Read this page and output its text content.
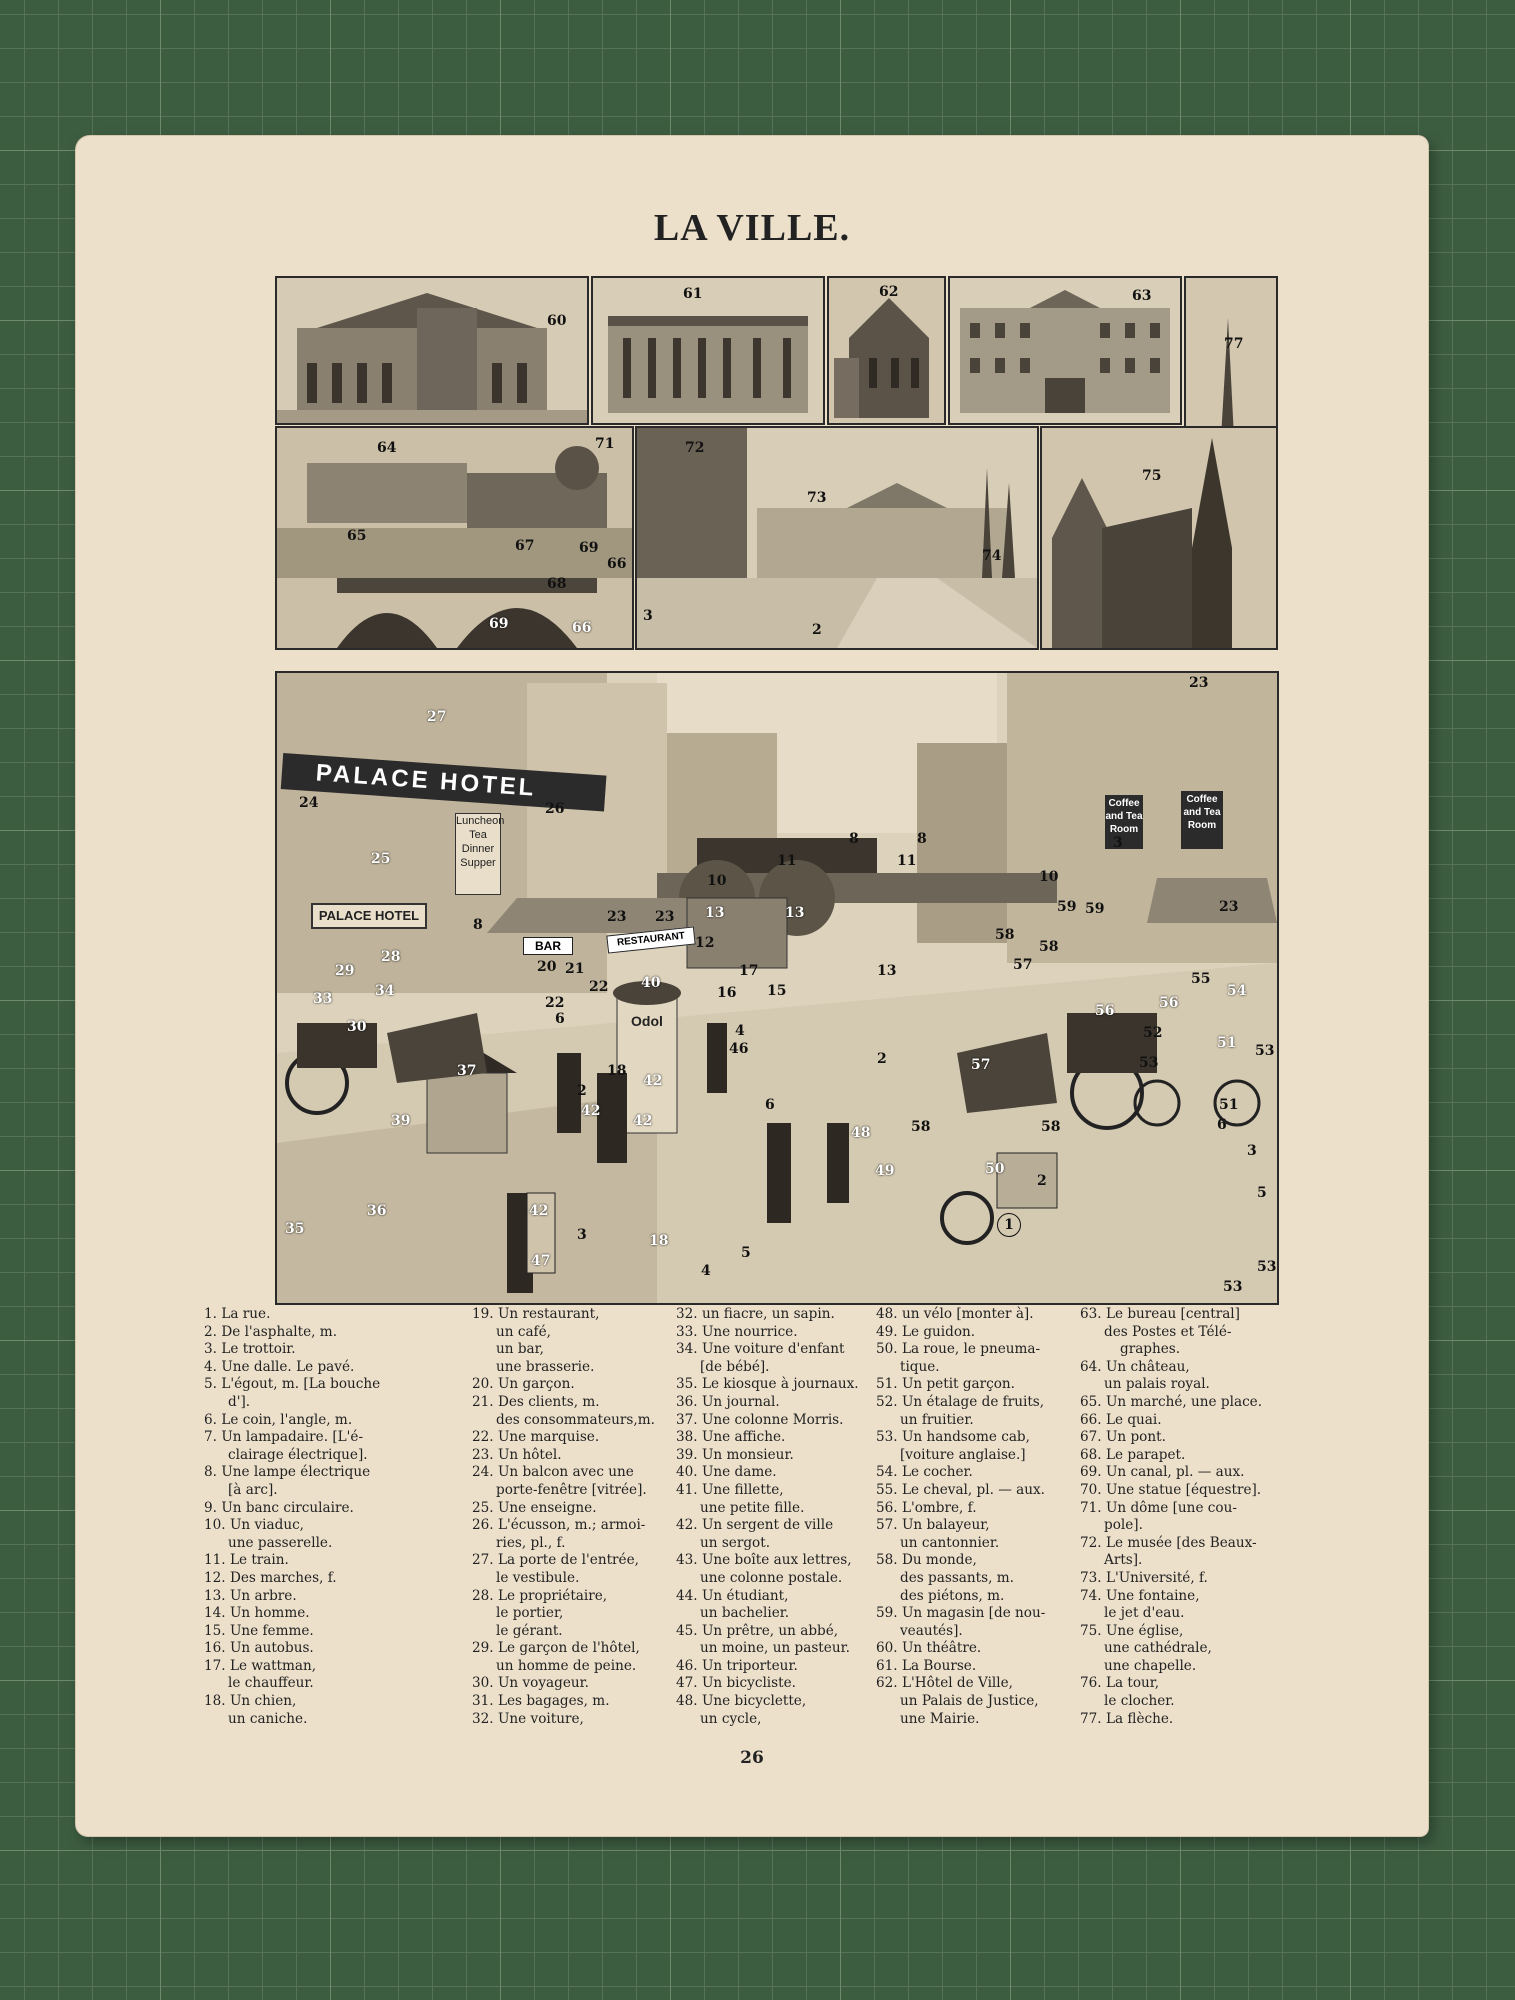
LA VILLE.
60
61	62	63
77
64	71
65
67	69
66
68
69	66
72
73
74
2
3
75
PALACE HOTEL
PALACE HOTEL
Luncheon Tea Dinner Supper
BAR	RESTAURANT
Coffee and Tea Room
Coffee and Tea Room
Odol
27
24
25
26
8
28
23 23
20 21
22
22
12
10
11	11
8	8
10
13	13
17
16 15
40
46
18
33
29
34
30
37
39
42
42
42
42
47
35
36
18
48
49	50
57
56	56
58	58
52
53
53
51
51
55
54
23
23
59 59
3
58
57
58
13
4
2
2
2
3
3
6
6
6
5
5
4
53
53
1
1. La rue.
2. De l'asphalte, m.
3. Le trottoir.
4. Une dalle. Le pavé.
5. L'égout, m. [La bouche
d'].
6. Le coin, l'angle, m.
7. Un lampadaire. [L'é-
clairage électrique].
8. Une lampe électrique
[à arc].
9. Un banc circulaire.
10. Un viaduc,
une passerelle.
11. Le train.
12. Des marches, f.
13. Un arbre.
14. Un homme.
15. Une femme.
16. Un autobus.
17. Le wattman,
le chauffeur.
18. Un chien,
un caniche.
19. Un restaurant,
un café,
un bar,
une brasserie.
20. Un garçon.
21. Des clients, m.
des consommateurs,m.
22. Une marquise.
23. Un hôtel.
24. Un balcon avec une
porte-fenêtre [vitrée].
25. Une enseigne.
26. L'écusson, m.; armoi-
ries, pl., f.
27. La porte de l'entrée,
le vestibule.
28. Le propriétaire,
le portier,
le gérant.
29. Le garçon de l'hôtel,
un homme de peine.
30. Un voyageur.
31. Les bagages, m.
32. Une voiture,
32. un fiacre, un sapin.
33. Une nourrice.
34. Une voiture d'enfant
[de bébé].
35. Le kiosque à journaux.
36. Un journal.
37. Une colonne Morris.
38. Une affiche.
39. Un monsieur.
40. Une dame.
41. Une fillette,
une petite fille.
42. Un sergent de ville
un sergot.
43. Une boîte aux lettres,
une colonne postale.
44. Un étudiant,
un bachelier.
45. Un prêtre, un abbé,
un moine, un pasteur.
46. Un triporteur.
47. Un bicycliste.
48. Une bicyclette,
un cycle,
48. un vélo [monter à].
49. Le guidon.
50. La roue, le pneuma-
tique.
51. Un petit garçon.
52. Un étalage de fruits,
un fruitier.
53. Un handsome cab,
[voiture anglaise.]
54. Le cocher.
55. Le cheval, pl. — aux.
56. L'ombre, f.
57. Un balayeur,
un cantonnier.
58. Du monde,
des passants, m.
des piétons, m.
59. Un magasin [de nou-
veautés].
60. Un théâtre.
61. La Bourse.
62. L'Hôtel de Ville,
un Palais de Justice,
une Mairie.
63. Le bureau [central]
des Postes et Télé-
graphes.
64. Un château,
un palais royal.
65. Un marché, une place.
66. Le quai.
67. Un pont.
68. Le parapet.
69. Un canal, pl. — aux.
70. Une statue [équestre].
71. Un dôme [une cou-
pole].
72. Le musée [des Beaux-
Arts].
73. L'Université, f.
74. Une fontaine,
le jet d'eau.
75. Une église,
une cathédrale,
une chapelle.
76. La tour,
le clocher.
77. La flèche.
26
